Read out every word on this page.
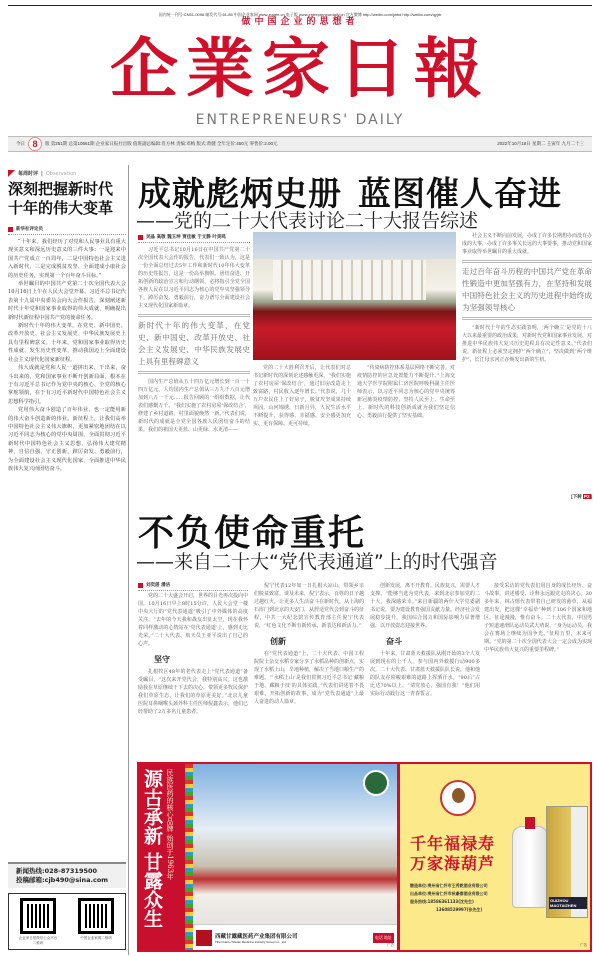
国内统一刊号:CN51-0098 邮发代号:61-85 中国企业家网 www.zgqee.cn 电子版 www.entrepreneurdaily.cn 官方微博 http://weibo.com/jwbd http://weibo.com/qyjrb
做中国企业的思想者
企業家日報
ENTREPRENEURS' DAILY
今日 8	版 第251期 总第10561期 企业家日报社出版 值班副总编辑:肖方林 责编:邓梅 版式:黄健 全年定价:450元 零售价:2.00元	2022年10月18日 星期二 壬寅年 九月二十三
每周时评 | Observation
深刻把握新时代十年的伟大变革
新华社评论员

“十年来，我们经历了对党和人民事业具有重大现实意义和深远历史意义的三件大事：一是迎来中国共产党成立一百周年，二是中国特色社会主义进入新时代，三是完成脱贫攻坚、全面建成小康社会的历史任务，实现第一个百年奋斗目标。”

举世瞩目的中国共产党第二十次全国代表大会10月16日上午在人民大会堂开幕。习近平总书记代表第十九届中央委员会向大会作报告，深刻阐述新时代十年党和国家事业取得的伟大成就，明确提出新时代新征程中国共产党的使命任务。

新时代十年的伟大变革，在党史、新中国史、改革开放史、社会主义发展史、中华民族发展史上具有里程碑意义。十年来，党和国家事业取得历史性成就、发生历史性变革，推动我国迈上全面建设社会主义现代化国家新征程。

伟大成就是党和人民一道拼出来、干出来、奋斗出来的，党和国家事业不断开创新局面，根本在于有习近平总书记作为党中央的核心、全党的核心掌舵领航，在于有习近平新时代中国特色社会主义思想科学指引。

党用伟大奋斗创造了百年伟业，也一定能用新的伟大奋斗创造新的伟业。新征程上，让我们高举中国特色社会主义伟大旗帜，更加紧密地团结在以习近平同志为核心的党中央周围，全面贯彻习近平新时代中国特色社会主义思想，弘扬伟大建党精神，自信自强、守正创新，踔厉奋发、勇毅前行，为全面建设社会主义现代化国家、全面推进中华民族伟大复兴而团结奋斗。

新闻热线:028-87319500
投稿邮箱:cjb490@sina.com
企业家日报微信公众平台二维码
中国企业家网二维码
成就彪炳史册 蓝图催人奋进
——党的二十大代表讨论二十大报告综述
吴晶 高敬 魏玉坤 贾佳敏 于文静 叶昊鸣

习近平总书记10月16日在中国共产党第二十次全国代表大会作的报告，代表们一致认为，这是一份全面总结过去5年工作和新时代10年伟大变革的历史性报告，这是一份高举旗帜、团结奋进、开拓创新的政治宣言和行动纲领，必将指引全党全国各族人民在以习近平同志为核心的党中央坚强领导下，踔厉奋发、勇毅前行，奋力谱写全面建设社会主义现代化国家新篇章。

新时代十年的伟大变革，在党史、新中国史、改革开放史、社会主义发展史、中华民族发展史上具有里程碑意义

国内生产总值从五十四万亿元增长到一百一十四万亿元，人均国内生产总值从三万九千八百元增加到八万一千元……报告回顾的一组组数据，让代表们感慨万千。“我们实施了农村房屋‘保改结合’，修建了乡村道路，村里面貌焕然一新。”代表们说，新时代的成就是全党全国各族人民团结奋斗的结果。我们的祖国天更蓝、山更绿、水更清——

党的二十大胜利召开后，让代表们对总书记新时代的深刻论述感触更深。“我们实施了农村房屋‘保改结合’，通过旧房改造走上致富路，村民收入逐年增长。”代表说，几十万户农民住上了好房子，脱贫攻坚成果持续巩固。山河锦绣，日新月异，人民生活水平不断提升，获得感、幸福感、安全感更加充实、更有保障、更可持续。

“传染病防控体系基层网络不断完善，对疫情防控的应急处置能力不断提升。”上海交通大学医学院附属仁济医院呼吸科副主任医师表示，以习近平同志为核心的党中央统筹新冠肺炎疫情防控，坚持人民至上、生命至上。新时代的科技创新成就为我们坚定信心、勇毅前行提供了坚实基础。

社会主义不断向前发展，办成了许多长期想办而没有办成的大事，办成了许多事关长远的大事要事，推动党和国家事业取得举世瞩目的重大成就。

走过百年奋斗历程的中国共产党在革命性锻造中更加坚强有力，在坚持和发展中国特色社会主义的历史进程中始终成为坚强领导核心

“新时代十年的生态实践表明，‘两个确立’是党的十八大以来最重要的政治成果，对新时代党和国家事业发展、对推进中华民族伟大复兴历史进程具有决定性意义。”代表们说，新征程上必须坚定拥护“两个确立”，坚决做到“两个维护”，长江母亲河正在焕发出新的生机。

[下转 P2]
不负使命重托
——来自二十大“党代表通道”上的时代强音
刘奕湛 潘洁

党的二十大盛会开启，世界的目光再次投向中国。10月16日早上8时15分许，人民大会堂一楼中央大厅的“党代表通道”吸引了中外媒体的高度关注。“去年的今天我和战友出征太空，现在我怀着同样激动的心情站在‘党代表通道’上，感到无比光荣。”二十大代表、航天员王亚平说出了自己的心声。

坚守

扎根牧区48年的老代表走上“党代表通道”备受瞩目，“这次来开党代会，我特别高兴。这也激励我在草原继续干下去的决心。带领更多牧民保护我们草原生态，让我们的草原更美好。”北京儿童医院耳鼻咽喉头颈外科主任医师倪鑫表示，他们已经帮助了2万多名儿童患者。

倪宁代表12年如一日扎根大凉山，带领乡亲们脱贫致富。谈及未来，倪宁表示，百姓的日子越过越红火，让更多人生活奋斗在新时代。从上海的石库门到北京的天安门，从舒适党代会到奋斗的征程，中共一大纪念馆宣传教育部主任倪宁代表说，“红色文化不断有新传承、新表达和新活力。”

创新

在“党代表通道”上，二十大代表、中国工程院院士杂交水稻专家分享了水稻品种的创新点，实现了水稻上山，旱地种植，解决了当地口粮生产的难题。“‘水稻上山’是我们贯彻习近平总书记‘藏粮于地、藏粮于技’的具体实践。”代表们讲述着不畏艰难、开拓创新的故事，成为“党代表通道”上最人奋进的动人篇章。

创新发展，离不开教育。民族复兴，需要人才支撑。“能够当选为党代表，来到北京参加党的二十大，我深感荣幸。”来自新疆的两什大学党委副书记说，要为建设教育强国贡献力量。经济社会发展稳步提升，我国综合国力和国际影响力显著增强，以开放姿态迎接世界。

奋斗

十年来，甘肃蓝天救援队从刚开始的3个人发展到现在的上千人，参与国内外救援行动900多次。二十大代表、甘肃蓝天救援队队长说，他和他的队友在险峻艰难的道路上挥洒汗水。“90后”占比达70%以上。“请党放心，强国有我！”他们用实际行动践行这一青春誓言。

接受采访的党代表们用自身的成长经历、奋斗故事，讲述感受、诠释永远跟党走的决心。30多年来，林占熺代表带着自己研发的菌草，从福建出发，把这棵“幸福草”种到了106个国家和地区。征途漫漫，惟有奋斗。二十大代表、中国男子短道速滑队运动员武大靖说，“身为运动员，我会在赛场上继续为国争光。”征程万里，未来可期。“党的第二十次全国代表大会一定会成为实现中华民族伟大复兴的重要里程碑。”

源古承新 甘露众生 民族医药的核心品牌 始创于1963年
西藏甘露藏医药产业集团有限公司
Tibet Ganlu Tibetan Medicine Industry Group Co., Ltd
电话 地址
广告
千年福禄寿
万家海葫芦
酿造单位:贵州省仁怀市王秀乾酒业有限公司
出品单位:贵州省仁怀市秋豪春酒业有限公司
服务热线:18586361133(沈先生)
13608529997(张先生)
GUIZHOU MAOTAIZHEN
广告
